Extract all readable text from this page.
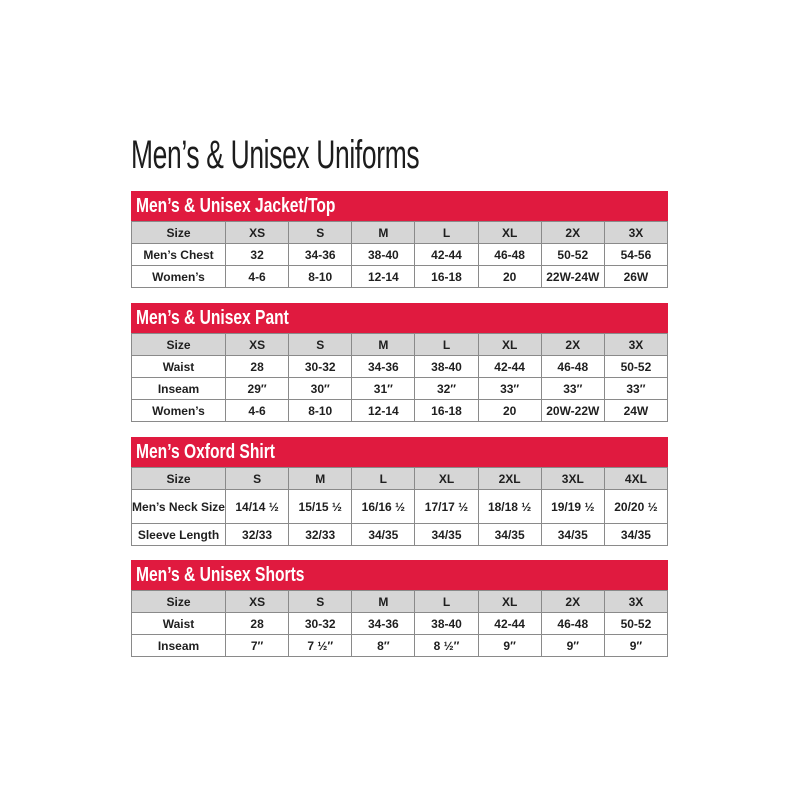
Men’s & Unisex Uniforms
Men’s & Unisex Jacket/Top
Size	XS	S	M	L	XL	2X	3X
Men’s Chest	32	34-36	38-40	42-44	46-48	50-52	54-56
Women’s	4-6	8-10	12-14	16-18	20	22W-24W	26W
Men’s & Unisex Pant
Size	XS	S	M	L	XL	2X	3X
Waist	28	30-32	34-36	38-40	42-44	46-48	50-52
Inseam	29″	30″	31″	32″	33″	33″	33″
Women’s	4-6	8-10	12-14	16-18	20	20W-22W	24W
Men’s Oxford Shirt
Size	S	M	L	XL	2XL	3XL	4XL
Men’s Neck Size	14/14 ½	15/15 ½	16/16 ½	17/17 ½	18/18 ½	19/19 ½	20/20 ½
Sleeve Length	32/33	32/33	34/35	34/35	34/35	34/35	34/35
Men’s & Unisex Shorts
Size	XS	S	M	L	XL	2X	3X
Waist	28	30-32	34-36	38-40	42-44	46-48	50-52
Inseam	7″	7 ½″	8″	8 ½″	9″	9″	9″
